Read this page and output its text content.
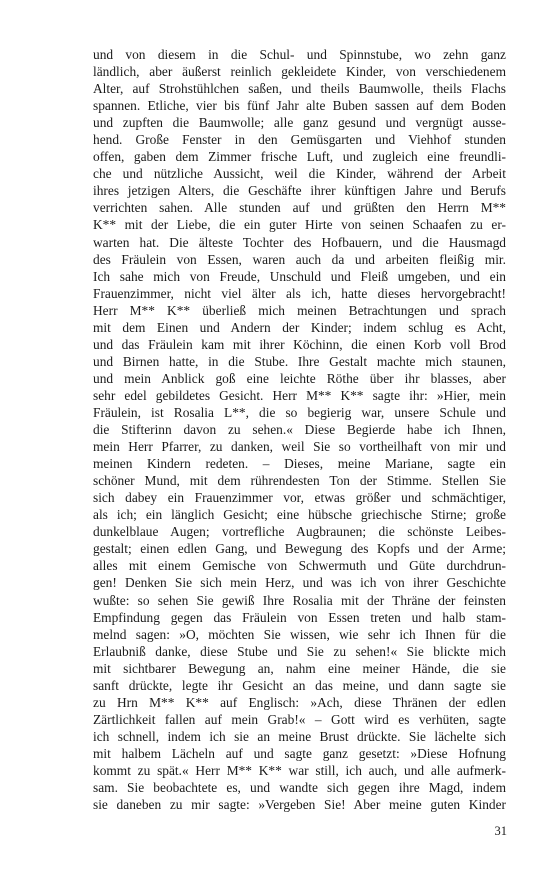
und von diesem in die Schul- und Spinnstube, wo zehn ganz
ländlich, aber äußerst reinlich gekleidete Kinder, von verschiedenem
Alter, auf Strohstühlchen saßen, und theils Baumwolle, theils Flachs
spannen. Etliche, vier bis fünf Jahr alte Buben sassen auf dem Boden
und zupften die Baumwolle; alle ganz gesund und vergnügt ausse-
hend. Große Fenster in den Gemüsgarten und Viehhof stunden
offen, gaben dem Zimmer frische Luft, und zugleich eine freundli-
che und nützliche Aussicht, weil die Kinder, während der Arbeit
ihres jetzigen Alters, die Geschäfte ihrer künftigen Jahre und Berufs
verrichten sahen. Alle stunden auf und grüßten den Herrn M**
K** mit der Liebe, die ein guter Hirte von seinen Schaafen zu er-
warten hat. Die älteste Tochter des Hofbauern, und die Hausmagd
des Fräulein von Essen, waren auch da und arbeiten fleißig mir.
Ich sahe mich von Freude, Unschuld und Fleiß umgeben, und ein
Frauenzimmer, nicht viel älter als ich, hatte dieses hervorgebracht!
Herr M** K** überließ mich meinen Betrachtungen und sprach
mit dem Einen und Andern der Kinder; indem schlug es Acht,
und das Fräulein kam mit ihrer Köchinn, die einen Korb voll Brod
und Birnen hatte, in die Stube. Ihre Gestalt machte mich staunen,
und mein Anblick goß eine leichte Röthe über ihr blasses, aber
sehr edel gebildetes Gesicht. Herr M** K** sagte ihr: »Hier, mein
Fräulein, ist Rosalia L**, die so begierig war, unsere Schule und
die Stifterinn davon zu sehen.« Diese Begierde habe ich Ihnen,
mein Herr Pfarrer, zu danken, weil Sie so vortheilhaft von mir und
meinen Kindern redeten. – Dieses, meine Mariane, sagte ein
schöner Mund, mit dem rührendesten Ton der Stimme. Stellen Sie
sich dabey ein Frauenzimmer vor, etwas größer und schmächtiger,
als ich; ein länglich Gesicht; eine hübsche griechische Stirne; große
dunkelblaue Augen; vortrefliche Augbraunen; die schönste Leibes-
gestalt; einen edlen Gang, und Bewegung des Kopfs und der Arme;
alles mit einem Gemische von Schwermuth und Güte durchdrun-
gen! Denken Sie sich mein Herz, und was ich von ihrer Geschichte
wußte: so sehen Sie gewiß Ihre Rosalia mit der Thräne der feinsten
Empfindung gegen das Fräulein von Essen treten und halb stam-
melnd sagen: »O, möchten Sie wissen, wie sehr ich Ihnen für die
Erlaubniß danke, diese Stube und Sie zu sehen!« Sie blickte mich
mit sichtbarer Bewegung an, nahm eine meiner Hände, die sie
sanft drückte, legte ihr Gesicht an das meine, und dann sagte sie
zu Hrn M** K** auf Englisch: »Ach, diese Thränen der edlen
Zärtlichkeit fallen auf mein Grab!« – Gott wird es verhüten, sagte
ich schnell, indem ich sie an meine Brust drückte. Sie lächelte sich
mit halbem Lächeln auf und sagte ganz gesetzt: »Diese Hofnung
kommt zu spät.« Herr M** K** war still, ich auch, und alle aufmerk-
sam. Sie beobachtete es, und wandte sich gegen ihre Magd, indem
sie daneben zu mir sagte: »Vergeben Sie! Aber meine guten Kinder
31
